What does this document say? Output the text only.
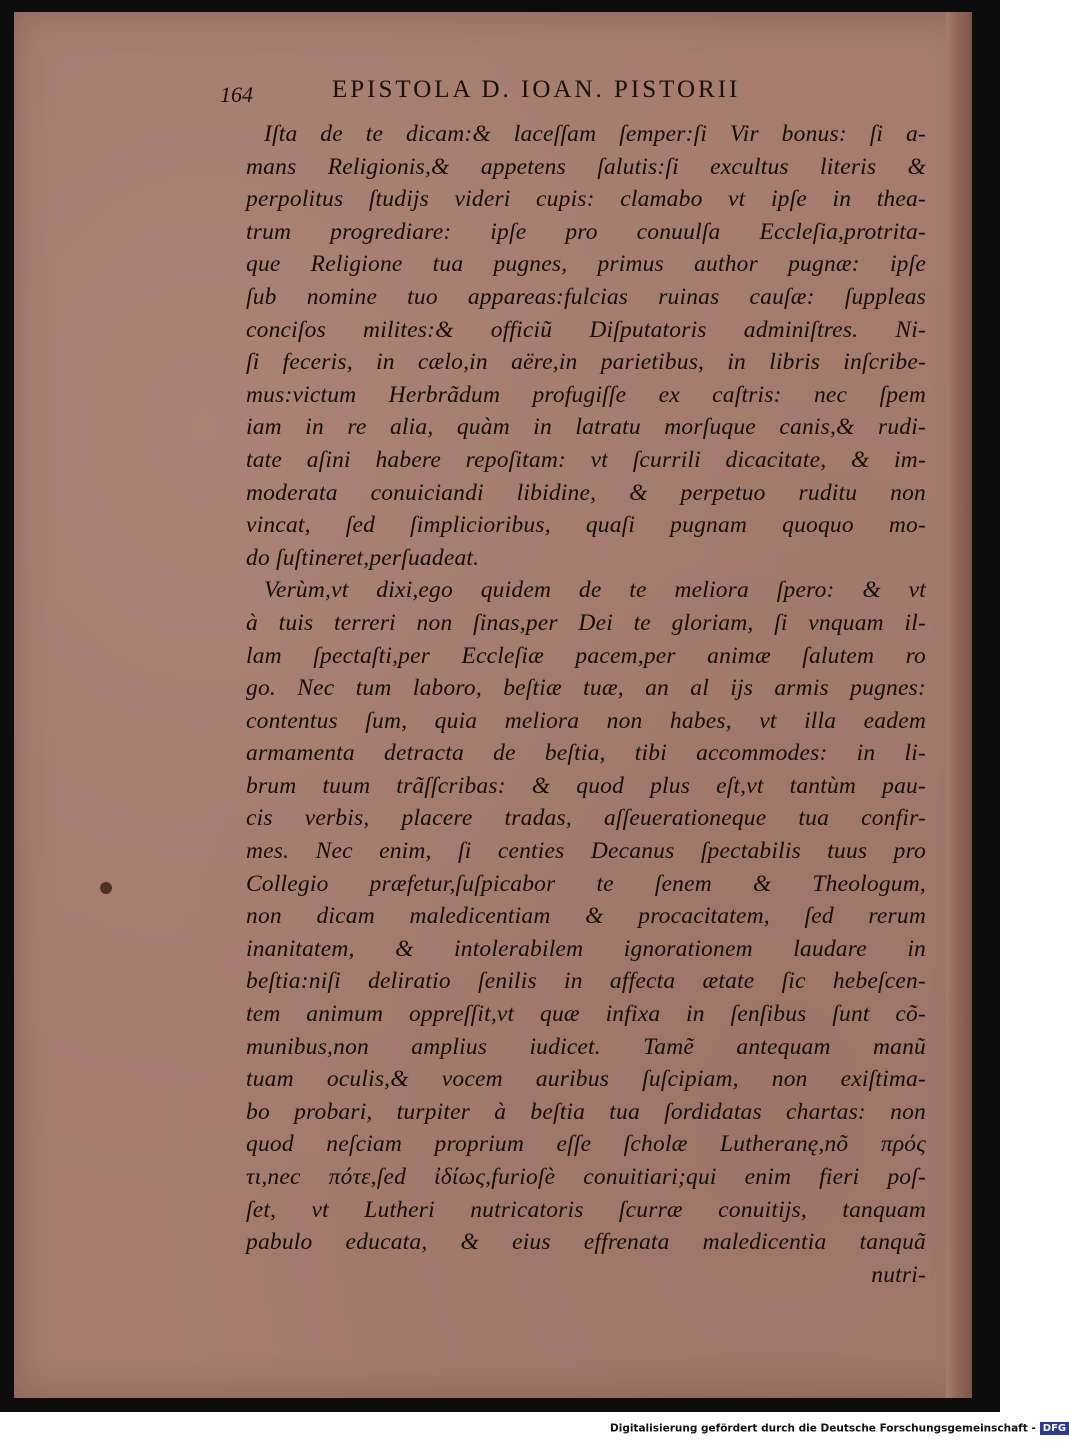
164	EPISTOLA D. IOAN. PISTORII
Iſta de te dicam:& laceſſam ſemper:ſi Vir bonus: ſi a-
mans Religionis,& appetens ſalutis:ſi excultus literis &
perpolitus ſtudijs videri cupis: clamabo vt ipſe in thea-
trum progrediare: ipſe pro conuulſa Eccleſia,protrita-
que Religione tua pugnes, primus author pugnæ: ipſe
ſub nomine tuo appareas:fulcias ruinas cauſæ: ſuppleas
conciſos milites:& officiũ Diſputatoris adminiſtres. Ni-
ſi feceris, in cælo,in aëre,in parietibus, in libris inſcribe-
mus:victum Herbrãdum profugiſſe ex caſtris: nec ſpem
iam in re alia, quàm in latratu morſuque canis,& rudi-
tate aſini habere repoſitam: vt ſcurrili dicacitate, & im-
moderata conuiciandi libidine, & perpetuo ruditu non
vincat, ſed ſimplicioribus, quaſi pugnam quoquo mo-
do ſuſtineret,perſuadeat.
Verùm,vt dixi,ego quidem de te meliora ſpero: & vt
à tuis terreri non ſinas,per Dei te gloriam, ſi vnquam il-
lam ſpectaſti,per Eccleſiæ pacem,per animæ ſalutem ro
go. Nec tum laboro, beſtiæ tuæ, an al ijs armis pugnes:
contentus ſum, quia meliora non habes, vt illa eadem
armamenta detracta de beſtia, tibi accommodes: in li-
brum tuum trãſſcribas: & quod plus eſt,vt tantùm pau-
cis verbis, placere tradas, aſſeuerationeque tua confir-
mes. Nec enim, ſi centies Decanus ſpectabilis tuus pro
Collegio præfetur,ſuſpicabor te ſenem & Theologum,
non dicam maledicentiam & procacitatem, ſed rerum
inanitatem, & intolerabilem ignorationem laudare in
beſtia:niſi deliratio ſenilis in affecta ætate ſic hebeſcen-
tem animum oppreſſit,vt quæ infixa in ſenſibus ſunt cõ-
munibus,non amplius iudicet. Tamẽ antequam manũ
tuam oculis,& vocem auribus ſuſcipiam, non exiſtima-
bo probari, turpiter à beſtia tua ſordidatas chartas: non
quod neſciam proprium eſſe ſcholæ Lutheranę,nõ πρός
τι,nec πότε,ſed ἰδίως,furioſè conuitiari;qui enim fieri poſ-
ſet, vt Lutheri nutricatoris ſcurræ conuitijs, tanquam
pabulo educata, & eius effrenata maledicentia tanquã
nutri-
Digitalisierung gefördert durch die Deutsche Forschungsgemeinschaft - DFG
